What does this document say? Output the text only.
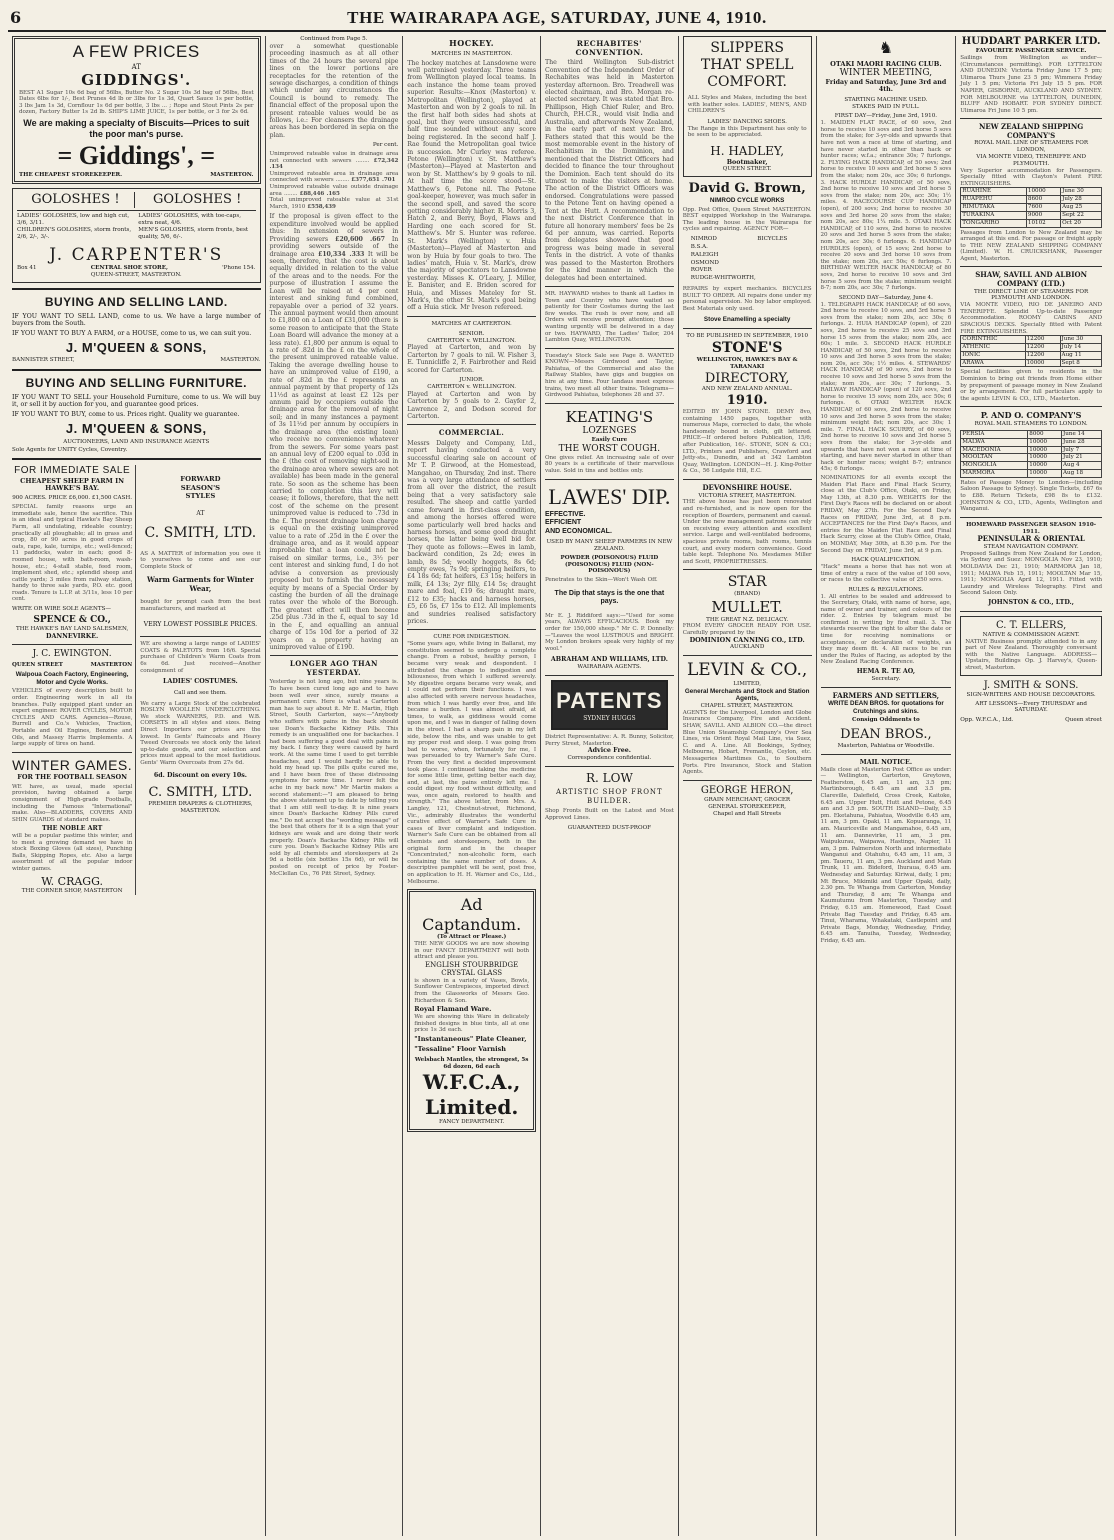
6	THE WAIRARAPA AGE, SATURDAY, JUNE 4, 1910.
A FEW PRICES
AT
GIDDINGS'.
BEST A1 Sugar 10s 6d bag of 56lbs, Butter No. 2 Sugar 10s 3d bag of 56lbs, Best Dates 6lbs for 1/-, Best Prunes 4d lb or 3lbs for 1s 3d, Quart Sauce 1s per bottle, 3 lbs Jam 1s 3d, Cornflour 1s 6d per bottle, 3 lbs ... ; Rope and Stout Pints 2s per dozen, Factory Butter 1s 2d lb. SHIP'S LIME JUICE, 1s per bottle, or 3 for 2s 6d.
We are making a specialty of Biscuits—Prices to suit the poor man's purse.
= Giddings', =
THE CHEAPEST STOREKEEPER.	MASTERTON.
GOLOSHES !	GOLOSHES !
LADIES' GOLOSHES, low and high cut, 3/6, 3/11.
CHILDREN'S GOLOSHES, storm fronts, 2/6, 2/-, 3/-.
LADIES' GOLOSHES, with toe-caps, extra neat, 4/6.
MEN'S GOLOSHES, storm fronts, best quality, 5/6, 6/-.
J. CARPENTER'S
Box 41	CENTRAL SHOE STORE,	'Phone 154.
QUEEN-STREET, MASTERTON.
BUYING AND SELLING LAND.
IF YOU WANT TO SELL LAND, come to us. We have a large number of buyers from the South.
IF YOU WANT TO BUY A FARM, or a HOUSE, come to us, we can suit you.
J. M'QUEEN & SONS,
BANNISTER STREET,	MASTERTON.
BUYING AND SELLING FURNITURE.
IF YOU WANT TO SELL your Household Furniture, come to us. We will buy it, or sell it by auction for you, and guarantee good prices.
IF YOU WANT TO BUY, come to us. Prices right. Quality we guarantee.
J. M'QUEEN & SONS,
AUCTIONEERS, LAND AND INSURANCE AGENTS
Sole Agents for UNITY Cycles, Coventry.
FOR IMMEDIATE SALE
CHEAPEST SHEEP FARM IN HAWKE'S BAY.
900 ACRES. PRICE £6,000. £1,500 CASH.
SPECIAL family reasons urge an immediate sale, hence the sacrifice. This is an ideal and typical Hawke's Bay Sheep Farm, all undulating, rideable country; practically all ploughable; all in grass and crop, 80 or 90 acres in good crops of oats, rape, kale, turnips, etc.; well-fenced; 11 paddocks, water in each; good 8-roomed house, with bath-room, wash-house, etc.; 4-stall stable, feed room, implement shed, etc.; splendid sheep and cattle yards; 3 miles from railway station, handy to three sale yards, P.O. etc. good roads. Tenure is L.I.P. at 3/11s, less 10 per cent.
WRITE OR WIRE SOLE AGENTS—
SPENCE & CO.,
THE HAWKE'S BAY LAND SALESMEN,
DANNEVIRKE.
J. C. EWINGTON.
QUEEN STREET	MASTERTON
Walpoua Coach Factory, Engineering, Motor and Cycle Works.
VEHICLES of every description built to order. Engineering work in all its branches. Fully equipped plant under an expert engineer. ROVER CYCLES, MOTOR CYCLES AND CARS. Agencies—Rouse, Burrell and Co.'s Vehicles, Traction, Portable and Oil Engines, Benzine and Oils, and Massey Harris Implements. A large supply of tires on hand.
WINTER GAMES.
FOR THE FOOTBALL SEASON
WE have, as usual, made special provision, having obtained a large consignment of High-grade Footballs, including the Famous "International" make. Also—BLADDERS, COVERS AND SHIN GUARDS of standard makes.
THE NOBLE ART
will be a popular pastime this winter, and to meet a growing demand we have in stock Boxing Gloves (all sizes), Punching Balls, Skipping Ropes, etc. Also a large assortment of all the popular indoor winter games.
W. CRAGG.
THE CORNER SHOP, MASTERTON
FORWARD
SEASON'S
STYLES
AT
C. SMITH, LTD.
AS A MATTER of information you owe it to yourselves to come and see our Complete Stock of
Warm Garments for Winter Wear,
bought for prompt cash from the best manufacturers, and marked at
VERY LOWEST POSSIBLE PRICES.
WE are showing a large range of LADIES' COATS & PALETOTS from 16/6. Special purchase of Children's Warm Coats from 6s 6d. Just received—Another consignment of
LADIES' COSTUMES.
Call and see them.
We carry a Large Stock of the celebrated ROSLYN WOOLLEN UNDERCLOTHING. We stock WARNERS, P.D. and W.B. CORSETS in all styles and sizes. Being Direct Importers our prices are the lowest. In Gents' Raincoats and Heavy Tweed Overcoats we stock only the latest up-to-date goods, and our selection and prices must appeal to the most fastidious. Gents' Warm Overcoats from 27s 6d.
6d. Discount on every 10s.
C. SMITH, LTD.
PREMIER DRAPERS & CLOTHIERS,
MASTERTON.
Continued from Page 5.
over a somewhat questionable proceeding inasmuch as at all other times of the 24 hours the several pipe lines on the lower portions are receptacles for the retention of the sewage discharges, a condition of things which under any circumstances the Council is bound to remedy. The financial effect of the proposal upon the present rateable values would be as follows, i.e.: For cleansers the drainage areas has been bordered in sepia on the plan.
Per cent.
Unimproved rateable value in drainage area not connected with sewers ........ £72,342 .134
Unimproved rateable area in drainage area connected with sewers ........ £377,651 .701
Unimproved rateable value outside drainage area ........ £88,446 .165
Total unimproved rateable value at 31st March, 1910 £558,439
If the proposal is given effect to the expenditure involved would be applied thus: In extension of sewers in Providing sewers £20,600 .667 In providing sewers outside of the drainage area £10,334 .333 It will be seen, therefore, that the cost is about equally divided in relation to the value of the areas and to the needs. For the purpose of illustration I assume the Loan will be raised at 4 per cent interest and sinking fund combined, repayable over a period of 32 years. The annual payment would then amount to £1,800 on a Loan of £31,000 (there is some reason to anticipate that the State Loan Board will advance the money at a less rate). £1,800 per annum is equal to a rate of .82d in the £ on the whole of the present unimproved rateable value. Taking the average dwelling house to have an unimproved value of £190, a rate of .82d in the £ represents an annual payment by that property of 12s 11½d as against at least £2 12s per annum paid by occupiers outside the drainage area for the removal of night soil; and in many instances a payment of 3s 11½d per annum by occupiers in the drainage area (the existing loan) who receive no convenience whatever from the sewers. For some years past an annual levy of £200 equal to .03d in the £ (the cost of removing night-soil in the drainage area where sewers are not available) has been made in the general rate. So soon as the scheme has been carried to completion this levy will cease; it follows, therefore, that the nett cost of the scheme on the present unimproved value is reduced to .73d in the £. The present drainage loan charge is equal on the existing unimproved value to a rate of .25d in the £ over the drainage area, and as it would appear improbable that a loan could not be raised on similar terms, i.e., 3½ per cent interest and sinking fund, I do not advise a conversion as previously proposed but to furnish the necessary equity by means of a Special Order by casting the burden of all the drainage rates over the whole of the Borough. The greatest effect will then become .25d plus .73d in the £, equal to say 1d in the £, and equalling an annual charge of 15s 10d for a period of 32 years on a property having an unimproved value of £190.
LONGER AGO THAN YESTERDAY.
Yesterday is not long ago, but nine years is. To have been cured long ago and to have been well ever since, surely means a permanent cure. Here is what a Carterton man has to say about it. Mr E. Martin, High Street, South Carterton, says:—"Anybody who suffers with pains in the back should use Doan's Backache Kidney Pills. This remedy is an unqualified one for backaches. I had been suffering a good deal with pains in my back. I fancy they were caused by hard work. At the same time I used to get terrible headaches, and I would hardly be able to hold my head up. The pills quite cured me, and I have been free of these distressing symptoms for some time. I never felt the ache in my back now." Mr Martin makes a second statement:—"I am pleased to bring the above statement up to date by telling you that I am still well to-day. It is nine years since Doan's Backache Kidney Pills cured me." Do not accept the "wording message" of the best that others for it is a sign that your kidneys are weak and are doing their work properly. Doan's Backache Kidney Pills will cure you. Doan's Backache Kidney Pills are sold by all chemists and storekeepers at 2s 9d a bottle (six bottles 15s 6d), or will be posted on receipt of price by Foster-McClellan Co., 76 Pitt Street, Sydney.
HOCKEY.
MATCHES IN MASTERTON.
The hockey matches at Lansdowne were well patronised yesterday. Three teams from Wellington played local teams. In each instance the home team proved superior. Results:—Knox (Masterton) v. Metropolitan (Wellington), played at Masterton and won by 2 goals to nil. In the first half both sides had shots at goal, but they were unsuccessful, and half time sounded without any score being registered. In the second half J. Rae found the Metropolitan goal twice in succession. Mr Curley was referee. Petone (Wellington) v. St. Matthew's (Masterton)—Played at Masterton and won by St. Matthew's by 9 goals to nil. At half time the score stood—St. Matthew's 6, Petone nil. The Petone goal-keeper, however, was much safer in the second spell, and saved the score getting considerably higher. R. Morris 3, Hatch 2, and Berry, Boyd, Flaws and Harding one each scored for St. Matthew's. Mr S. Hunter was referee. St. Mark's (Wellington) v. Huia (Masterton)—Played at Masterton and won by Huia by four goals to two. The ladies' match, Huia v. St. Mark's, drew the majority of spectators to Lansdowne yesterday. Misses K. O'Leary, J. Miller, E. Banister, and E. Briden scored for Huia, and Misses Mateley for St. Mark's, the other St. Mark's goal being off a Huia stick. Mr Iveson refereed.
MATCHES AT CARTERTON.
SENIOR.
CARTERTON v. WELLINGTON.
Played at Carterton, and won by Carterton by 7 goals to nil. W. Fisher 3, E. Tunnicliffe 2, F. Fairbrother and Reid scored for Carterton.
JUNIOR.
CARTERTON v. WELLINGTON.
Played at Carterton and won by Carterton by 5 goals to 2. Gayfer 2, Lawrence 2, and Dodson scored for Carterton.
COMMERCIAL.
Messrs Dalgety and Company, Ltd., report having conducted a very successful clearing sale on account of Mr T. P. Girwood, at the Homestead, Mangahao, on Thursday, 2nd inst. There was a very large attendance of settlers from all over the district, the result being that a very satisfactory sale resulted. The sheep and cattle yarded came forward in first-class condition, and among the horses offered were some particularly well bred hacks and harness horses, and some good draught horses, the latter being well bid for. They quote as follows:—Ewes in lamb, backward condition, 2s 2d; ewes in lamb, 8s 5d; woolly hoggets, 8s 6d; empty ewes, 7s 9d; springing heifers, to £4 18s 6d; fat heifers, £3 15s; heifers in milk, £4 13s; 2yr filly, £14 5s; draught mare and foal, £19 6s; draught mare, £12 to £35; hacks and harness horses, £5, £6 5s, £7 15s to £12. All implements and sundries realised satisfactory prices.
CURE FOR INDIGESTION.
"Some years ago, while living in Ballarat, my constitution seemed to undergo a complete change. From a robust, healthy person, I became very weak and despondent. I attributed the change to indigestion and biliousness, from which I suffered severely. My digestive organs became very weak, and I could not perform their functions. I was also affected with severe nervous headaches, from which I was hardly ever free, and life became a burden. I was almost afraid, at times, to walk, as giddiness would come upon me, and I was in danger of falling down in the street. I had a sharp pain in my left side, below the ribs, and was unable to get my proper rest and sleep. I was going from bad to worse, when, fortunately for me, I was persuaded to try Warner's Safe Cure. From the very first a decided improvement took place. I continued taking the medicine for some little time, getting better each day, and, at last, the pains entirely left me. I could digest my food without difficulty, and was, once again, restored to health and strength." The above letter, from Mrs. A. Langley, 121, Chestnut-street, Richmond, Vic., admirably illustrates the wonderful curative effect of Warner's Safe Cure in cases of liver complaint and indigestion. Warner's Safe Cure can be obtained from all chemists and storekeepers, both in the original form and in the cheaper "Concentrated," non-alcoholic form, each containing the same number of doses. A descriptive pamphlet will be sent, post free, on application to H. H. Warner and Co., Ltd., Melbourne.
Ad Captandum.
(To Attract or Please.)
THE NEW GOODS we are now showing in our FANCY DEPARTMENT will both attract and please you.
ENGLISH STOURBRIDGE CRYSTAL GLASS
is shown in a variety of Vases, Bowls, Sunflower Centrepieces, imported direct from the Glassworks of Messrs Geo. Richardson & Son.
Royal Flamand Ware.
We are showing this Ware in delicately finished designs in blue tints, all at one price 1s 3d each.
"Instantaneous" Plate Cleaner,
"Tessaline" Floor Varnish
Welsbach Mantles, the strongest, 5s 6d dozen, 6d each
W.F.C.A., Limited.
FANCY DEPARTMENT.
RECHABITES' CONVENTION.
The third Wellington Sub-district Convention of the Independent Order of Rechabites was held in Masterton yesterday afternoon. Bro. Treadwell was elected chairman, and Bro. Morgan re-elected secretary. It was stated that Bro. Phillipson, High Chief Ruler, and Bro. Church, P.H.C.R., would visit India and Australia, and afterwards New Zealand, in the early part of next year. Bro. Fathers stated that this would be the most memorable event in the history of Rechabitism in the Dominion, and mentioned that the District Officers had decided to finance the tour throughout the Dominion. Each tent should do its utmost to make the visitors at home. The action of the District Officers was endorsed. Congratulations were passed to the Petone Tent on having opened a Tent at the Hutt. A recommendation to the next District Conference that in future all honorary members' fees be 2s 6d per annum, was carried. Reports from delegates showed that good progress was being made in several Tents in the district. A vote of thanks was passed to the Masterton Brothers for the kind manner in which the delegates had been entertained.
MR. HAYWARD wishes to thank all Ladies in Town and Country who have waited so patiently for their Costumes during the last few weeks. The rush is over now, and all Orders will receive prompt attention; those wanting urgently will be delivered in a day or two. HAYWARD, The Ladies' Tailor, 204 Lambton Quay, WELLINGTON.
Tuesday's Stock Sale see Page 8. WANTED KNOWN—Messrs Girdwood and Taylor, Pahiatua, of the Commercial and also the Railway Stables, have gigs and buggies on hire at any time. Four landaus meet express trains, two meet all other trains. Telegrams—Girdwood Pahiatua, telephones 28 and 37.
KEATING'S
LOZENGES
Easily Cure
THE WORST COUGH.
One gives relief. An increasing sale of over 80 years is a certificate of their marvellous value. Sold in tins and bottles only.
LAWES' DIP.
EFFECTIVE.
EFFICIENT
AND ECONOMICAL.
USED BY MANY SHEEP FARMERS IN NEW ZEALAND.
POWDER (POISONOUS) FLUID (POISONOUS) FLUID (NON-POISONOUS)
Penetrates to the Skin—Won't Wash Off.
The Dip that stays is the one that pays.
Mr E. J. Riddiford says:—"Used for some years, ALWAYS EFFICACIOUS. Book my order for 150,000 sheep." Mr C. P. Donnelly:—"Leaves the wool LUSTROUS and BRIGHT. My London brokers speak very highly of my wool."
ABRAHAM AND WILLIAMS, LTD.
WAIRARAPA AGENTS.
PATENTS
SYDNEY HUGGS
District Representative: A. R. Bunny, Solicitor, Perry Street, Masterton.
Advice Free.
Correspondence confidential.
R. LOW
ARTISTIC SHOP FRONT BUILDER.
Shop Fronts Built on the Latest and Most Approved Lines.
GUARANTEED DUST-PROOF
SLIPPERS
THAT SPELL
COMFORT.
ALL Styles and Makes, including the best with leather soles. LADIES', MEN'S, AND CHILDREN'S
LADIES' DANCING SHOES.
The Range in this Department has only to be seen to be appreciated.
H. HADLEY,
Bootmaker,
QUEEN STREET.
David G. Brown,
NIMROD CYCLE WORKS
Opp. Post Office, Queen Street MASTERTON. BEST equipped Workshop in the Wairarapa. The leading house in the Wairarapa for cycles and repairing. AGENCY FOR—
NIMROD	BICYCLES
B.S.A.
RALEIGH
OSMOND
ROVER
RUDGE-WHITWORTH,
REPAIRS by expert mechanics. BICYCLES BUILT TO ORDER. All repairs done under my personal supervision. No boy labor employed. Best Materials only used.
Stove Enamelling a specialty
TO BE PUBLISHED IN SEPTEMBER, 1910
STONE'S
WELLINGTON, HAWKE'S BAY & TARANAKI
DIRECTORY,
AND NEW ZEALAND ANNUAL.
1910.
EDITED BY JOHN STONE. DEMY 8vo, containing 1450 pages, together with numerous Maps, corrected to date, the whole handsomely bound in cloth, gilt lettered. PRICE—If ordered before Publication, 15/6; after Publication, 16/-. STONE, SON & CO.; LTD., Printers and Publishers, Crawford and Jetty-sts., Dunedin, and at 342 Lambton Quay, Wellington. LONDON—H. J. King-Potter & Co., 56 Ludgate Hill, E.C.
DEVONSHIRE HOUSE.
VICTORIA STREET, MASTERTON.
THE above house has just been renovated and re-furnished, and is now open for the reception of Boarders, permanent and casual. Under the new management patrons can rely on receiving every attention and excellent service. Large and well-ventilated bedrooms, spacious private rooms, bath rooms, tennis court, and every modern convenience. Good table kept. Telephone No. Mesdames Miller and Scott, PROPRIETRESSES.
STAR
(BRAND)
MULLET.
THE GREAT N.Z. DELICACY.
FROM EVERY GROCER READY FOR USE. Carefully prepared by the
DOMINION CANNING CO., LTD.
AUCKLAND
LEVIN & CO.,
LIMITED,
General Merchants and Stock and Station Agents,
CHAPEL STREET, MASTERTON.
AGENTS for the Liverpool, London and Globe Insurance Company, Fire and Accident. SHAW, SAVILL AND ALBION CO.—the direct Blue Union Steamship Company's Over Sea Lines, via Orient Royal Mail Line, via Suez, C. and A. Line. All Bookings, Sydney, Melbourne, Hobart, Fremantle, Ceylon, etc. Messageries Maritimes Co., to Southern Ports. Fire Insurance, Stock and Station Agents.
GEORGE HERON,
GRAIN MERCHANT, GROCER
GENERAL STOREKEEPER,
Chapel and Hall Streets
♞
OTAKI MAORI RACING CLUB.
WINTER MEETING,
Friday and Saturday, June 3rd and 4th.
STARTING MACHINE USED.
STAKES PAID IN FULL.
FIRST DAY—Friday, June 3rd, 1910.
1. MAIDEN FLAT RACE, of 60 sovs, 2nd horse to receive 10 sovs and 3rd horse 5 sovs from the stake; for 3-yr-olds and upwards that have not won a race at time of starting, and have never started in other than hack or hunter races; w.f.a.; entrance 30s; 7 furlongs. 2. FLYING HACK HANDICAP, of 50 sovs; 2nd horse to receive 10 sovs and 3rd horse 5 sovs from the stake; nom 20s, acc 30s; 6 furlongs. 3. HACK HURDLE HANDICAP, of 50 sovs, 2nd horse to receive 10 sovs and 3rd horse 5 sovs from the stake; nom 20s, acc 30s; 1½ miles. 4. RACECOURSE CUP HANDICAP (open), of 200 sovs; 2nd horse to receive 30 sovs and 3rd horse 20 sovs from the stake; nom 20s, acc 80s; 1¼ mile. 5. OTAKI HACK HANDICAP, of 110 sovs, 2nd horse to receive 20 sovs and 3rd horse 5 sovs from the stake; nom 20s, acc 30s; 6 furlongs. 6. HANDICAP HURDLES (open), of 15 sovs; 2nd horse to receive 20 sovs and 3rd horse 10 sovs from the stake; nom 20s, acc 50s; 6 furlongs. 7. BIRTHDAY WELTER HACK HANDICAP, of 80 sovs, 2nd horse to receive 10 sovs and 3rd horse 5 sovs from the stake; minimum weight 8-7; nom 20s, acc 30s; 7 furlongs.
SECOND DAY—Saturday, June 4.
1. TELEGRAPH HACK HANDICAP, of 60 sovs, 2nd horse to receive 10 sovs, and 3rd horse 5 sovs from the stake; nom 20s, acc 30s; 6 furlongs. 2. HUIA HANDICAP (open), of 220 sovs, 2nd horse to receive 25 sovs and 3rd horse 15 sovs from the stake; nom 20s, acc 60s; 1 mile. 3. SECOND HACK HURDLE HANDICAP, of 50 sovs, 2nd horse to receive 10 sovs and 3rd horse 5 sovs from the stake; nom 20s, acc 30s; 1½ miles. 4. STEWARDS' HACK HANDICAP, of 90 sovs, 2nd horse to receive 10 sovs and 3rd horse 5 sovs from the stake; nom 20s, acc 30s; 7 furlongs. 5. RAILWAY HANDICAP (open) of 120 sovs, 2nd horse to receive 15 sovs; nom 20s, acc 50s; 6 furlongs. 6. OTAKI WELTER HACK HANDICAP, of 60 sovs, 2nd horse to receive 10 sovs and 3rd horse 5 sovs from the stake; minimum weight 8st; nom 20s, acc 30s; 1 mile. 7. FINAL HACK SCURRY, of 60 sovs, 2nd horse to receive 10 sovs and 3rd horse 5 sovs from the stake; for 3-yr-olds and upwards that have not won a race at time of starting, and have never started in other than hack or hunter races; weight 8-7; entrance 45s; 6 furlongs.
NOMINATIONS for all events except the Maiden Flat Race and Final Hack Scurry, close at the Club's Office, Otaki, on Friday, May 13th, at 8.30 p.m. WEIGHTS for the First Day's Races will be declared on or about FRIDAY, May 27th. For the Second Day's Races on FRIDAY, June 3rd, at 8 p.m. ACCEPTANCES for the First Day's Races, and entries for the Maiden Flat Race and Final Hack Scurry, close at the Club's Office, Otaki, on MONDAY, May 30th, at 8.30 p.m. For the Second Day on FRIDAY, June 3rd, at 9 p.m.
HACK QUALIFICATION.
"Hack" means a horse that has not won at time of entry a race of the value of 100 sovs, or races to the collective value of 250 sovs.
RULES & REGULATIONS.
1. All entries to be sealed and addressed to the Secretary, Otaki, with name of horse, age, name of owner and trainer, and colours of the rider. 2. Entries by telegram must be confirmed in writing by first mail. 3. The stewards reserve the right to alter the date or time for receiving nominations or acceptances, or declaration of weights, as they may deem fit. 4. All races to be run under the Rules of Racing, as adopted by the New Zealand Racing Conference.
HEMA R. TE AO,
Secretary.
FARMERS AND SETTLERS,
WRITE DEAN BROS. for quotations for Crutchings and skins.
Consign Oddments to
DEAN BROS.,
Masterton, Pahiatua or Woodville.
MAIL NOTICE.
Mails close at Masterton Post Office as under:— Wellington, Carterton, Greytown, Featherston, 6.45 am, 11 am, 3.5 pm; Martinborough, 6.45 am and 3.5 pm. Clareville, Dalefield, Cross Creek, Kaitoke, 6.45 am. Upper Hutt, Hutt and Petone, 6.45 am and 3.5 pm. SOUTH ISLAND—Daily, 3.5 pm. Eketahuna, Pahiatua, Woodville 6.45 am, 11 am, 3 pm. Opaki, 11 am. Kopuaranga, 11 am. Mauriceville and Mangamahoe, 6.45 am, 11 am. Dannevirke, 11 am, 3 pm. Waipukurau, Waipawa, Hastings, Napier, 11 am, 3 pm. Palmerston North and intermediate Wanganui and Otahuhu, 6.45 am, 11 am, 3 pm. Taueru, 11 am, 3 pm. Auckland and Main Trunk, 11 am. Bideford, Ihuraua, 6.45 am. Wednesday and Saturday. Kiriwai, daily, 1 pm; Mt Bruce, Mikimiki and Upper Opaki, daily, 2.30 pm. Te Whanga from Carterton, Monday and Thursday, 8 am; Te Whanga and Kaumutumu from Masterton, Tuesday and Friday, 6.15 am. Homewood, East Coast Private Bag Tuesday and Friday, 6.45 am. Tinui, Wharama, Whakataki, Castlepoint and Private Bags, Monday, Wednesday, Friday, 6.45 am. Tanuiha, Tuesday, Wednesday, Friday, 6.45 am.
HUDDART PARKER LTD.
FAVOURITE PASSENGER SERVICE.
Sailings from Wellington as under—(Circumstances permitting). FOR LYTTELTON AND DUNEDIN: Victoria Friday June 17 5 pm; Ulimaroa Thurs June 23 5 pm; Wimmera Friday July 1 5 pm; Victoria Fri July 15 5 pm. FOR NAPIER, GISBORNE, AUCKLAND AND SYDNEY. FOR MELBOURNE via LYTTELTON, DUNEDIN, BLUFF AND HOBART. FOR SYDNEY DIRECT. Ulimaroa Fri June 10 5 pm.
NEW ZEALAND SHIPPING COMPANY'S
ROYAL MAIL LINE OF STEAMERS FOR LONDON,
VIA MONTE VIDEO, TENERIFFE AND PLYMOUTH.
Very Superior accommodation for Passengers. Specially fitted with Clayton's Patent FIRE EXTINGUISHERS.
RUAHINE	10000	June 30
RUAPEHU	8600	July 28
RIMUTAKA	7600	Aug 25
TURAKINA	9000	Sept 22
TONGARIRO	10102	Oct 20
Passages from London to New Zealand may be arranged at this end. For passage or freight apply to THE NEW ZEALAND SHIPPING COMPANY (Limited). W. H. CRUICKSHANK, Passenger Agent, Masterton.
SHAW, SAVILL AND ALBION COMPANY (LTD.)
THE DIRECT LINE OF STEAMERS FOR PLYMOUTH AND LONDON.
VIA MONTE VIDEO, RIO DE JANEIRO AND TENERIFFE. Splendid Up-to-date Passenger Accommodation. ROOMY CABINS AND SPACIOUS DECKS. Specially fitted with Patent FIRE EXTINGUISHERS.
CORINTHIC	12200	June 30
ATHENIC	12200	July 14
IONIC	12200	Aug 11
ARAWA	10000	Sept 8
Special facilities given to residents in the Dominion to bring out friends from Home either by prepayment of passage money in New Zealand or by arrangement. For full particulars apply to the agents LEVIN & CO., LTD., Masterton.
P. AND O. COMPANY'S
ROYAL MAIL STEAMERS TO LONDON.
PERSIA	8000	June 14
MALWA	10000	June 28
MACEDONIA	10000	July 7
MOOLTAN	10000	July 21
MONGOLIA	10000	Aug 4
MARMORA	10000	Aug 18
Rates of Passage Money to London—(including Saloon Passage to Sydney). Single Tickets, £67 6s to £88. Return Tickets, £98 8s to £132. JOHNSTON & CO., LTD., Agents, Wellington and Wanganui.
HOMEWARD PASSENGER SEASON 1910-1911.
PENINSULAR & ORIENTAL
STEAM NAVIGATION COMPANY.
Proposed Sailings from New Zealand for London, via Sydney and Suez: MONGOLIA Nov 23, 1910; MOLDAVIA Dec 21, 1910; MARMORA Jan 18, 1911; MALWA Feb 15, 1911; MOOLTAN Mar 15, 1911; MONGOLIA April 12, 1911. Fitted with Laundry and Wireless Telegraphy. First and Second Saloon Only.
JOHNSTON & CO., LTD.,
C. T. ELLERS,
NATIVE & COMMISSION AGENT.
NATIVE Business promptly attended to in any part of New Zealand. Thoroughly conversant with the Native Language. ADDRESS—Upstairs, Buildings Op. J. Harvey's, Queen-street, Masterton.
J. SMITH & SONS.
SIGN-WRITERS AND HOUSE DECORATORS.
ART LESSONS—Every THURSDAY and SATURDAY.
Opp. W.F.C.A., Ltd.	Queen street
